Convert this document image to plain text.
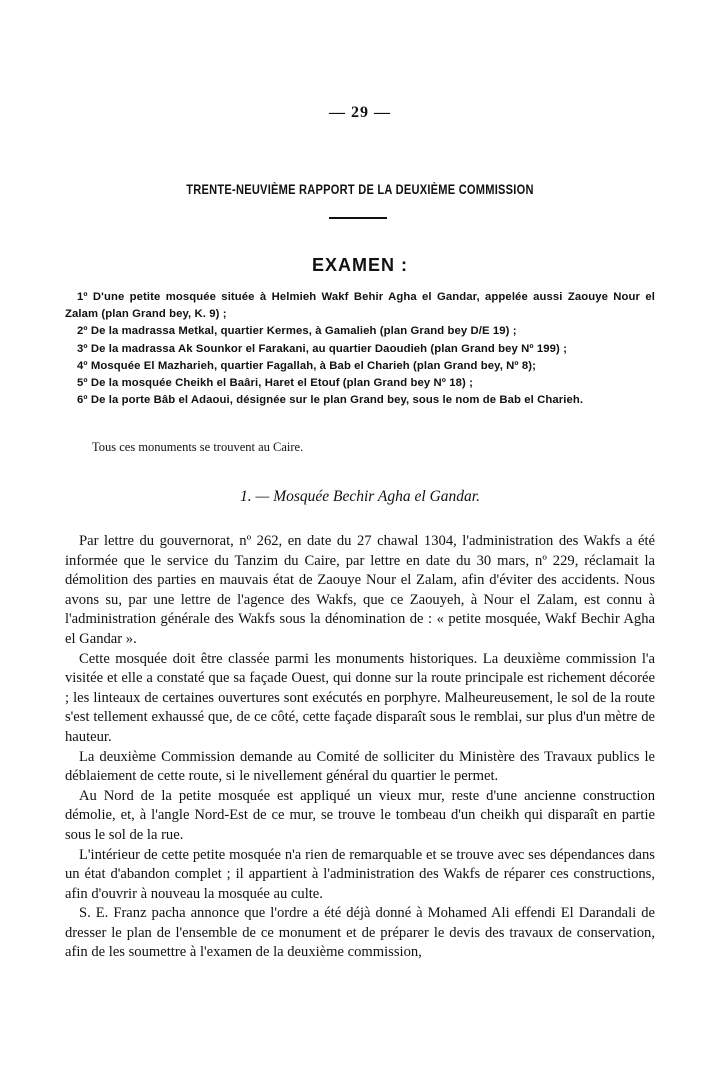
— 29 —
TRENTE-NEUVIÈME RAPPORT DE LA DEUXIÈME COMMISSION
EXAMEN :

1º D'une petite mosquée située à Helmieh Wakf Behir Agha el Gandar, appelée aussi Zaouye Nour el Zalam (plan Grand bey, K. 9) ;

2º De la madrassa Metkal, quartier Kermes, à Gamalieh (plan Grand bey D/E 19) ;

3º De la madrassa Ak Sounkor el Farakani, au quartier Daoudieh (plan Grand bey Nº 199) ;

4º Mosquée El Mazharieh, quartier Fagallah, à Bab el Charieh (plan Grand bey, Nº 8);

5º De la mosquée Cheikh el Baâri, Haret el Etouf (plan Grand bey Nº 18) ;

6º De la porte Bâb el Adaoui, désignée sur le plan Grand bey, sous le nom de Bab el Charieh.

Tous ces monuments se trouvent au Caire.
1. — Mosquée Bechir Agha el Gandar.

Par lettre du gouvernorat, nº 262, en date du 27 chawal 1304, l'administration des Wakfs a été informée que le service du Tanzim du Caire, par lettre en date du 30 mars, nº 229, réclamait la démolition des parties en mauvais état de Zaouye Nour el Zalam, afin d'éviter des accidents. Nous avons su, par une lettre de l'agence des Wakfs, que ce Zaouyeh, à Nour el Zalam, est connu à l'administration générale des Wakfs sous la dénomination de : « petite mosquée, Wakf Bechir Agha el Gandar ».

Cette mosquée doit être classée parmi les monuments historiques. La deuxième commission l'a visitée et elle a constaté que sa façade Ouest, qui donne sur la route principale est richement décorée ; les linteaux de certaines ouvertures sont exécutés en porphyre. Malheureusement, le sol de la route s'est tellement exhaussé que, de ce côté, cette façade disparaît sous le remblai, sur plus d'un mètre de hauteur.

La deuxième Commission demande au Comité de solliciter du Ministère des Travaux publics le déblaiement de cette route, si le nivellement général du quartier le permet.

Au Nord de la petite mosquée est appliqué un vieux mur, reste d'une ancienne construction démolie, et, à l'angle Nord-Est de ce mur, se trouve le tombeau d'un cheikh qui disparaît en partie sous le sol de la rue.

L'intérieur de cette petite mosquée n'a rien de remarquable et se trouve avec ses dépendances dans un état d'abandon complet ; il appartient à l'administration des Wakfs de réparer ces constructions, afin d'ouvrir à nouveau la mosquée au culte.

S. E. Franz pacha annonce que l'ordre a été déjà donné à Mohamed Ali effendi El Darandali de dresser le plan de l'ensemble de ce monument et de préparer le devis des travaux de conservation, afin de les soumettre à l'examen de la deuxième commission,
